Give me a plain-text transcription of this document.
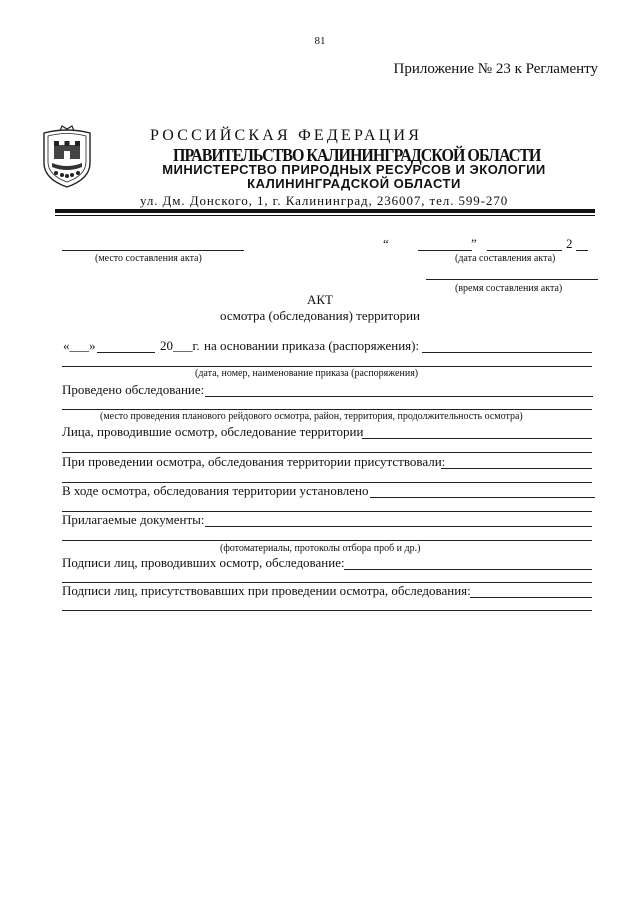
81
Приложение № 23 к Регламенту
РОССИЙСКАЯ ФЕДЕРАЦИЯ
ПРАВИТЕЛЬСТВО КАЛИНИНГРАДСКОЙ ОБЛАСТИ
МИНИСТЕРСТВО ПРИРОДНЫХ РЕСУРСОВ И ЭКОЛОГИИ КАЛИНИНГРАДСКОЙ ОБЛАСТИ
ул. Дм. Донского, 1, г. Калининград, 236007, тел. 599-270
(место составления акта)
“	”	2
(дата составления акта)
(время составления акта)
АКТ
осмотра (обследования) территории
«___»	20___г. на основании приказа (распоряжения):
(дата, номер, наименование приказа (распоряжения)
Проведено обследование:
(место проведения планового рейдового осмотра, район, территория, продолжительность осмотра)
Лица, проводившие осмотр, обследование территории
При проведении осмотра, обследования территории присутствовали:
В ходе осмотра, обследования территории установлено
Прилагаемые документы:
(фотоматериалы, протоколы отбора проб и др.)
Подписи лиц, проводивших осмотр, обследование:
Подписи лиц, присутствовавших при проведении осмотра, обследования:
